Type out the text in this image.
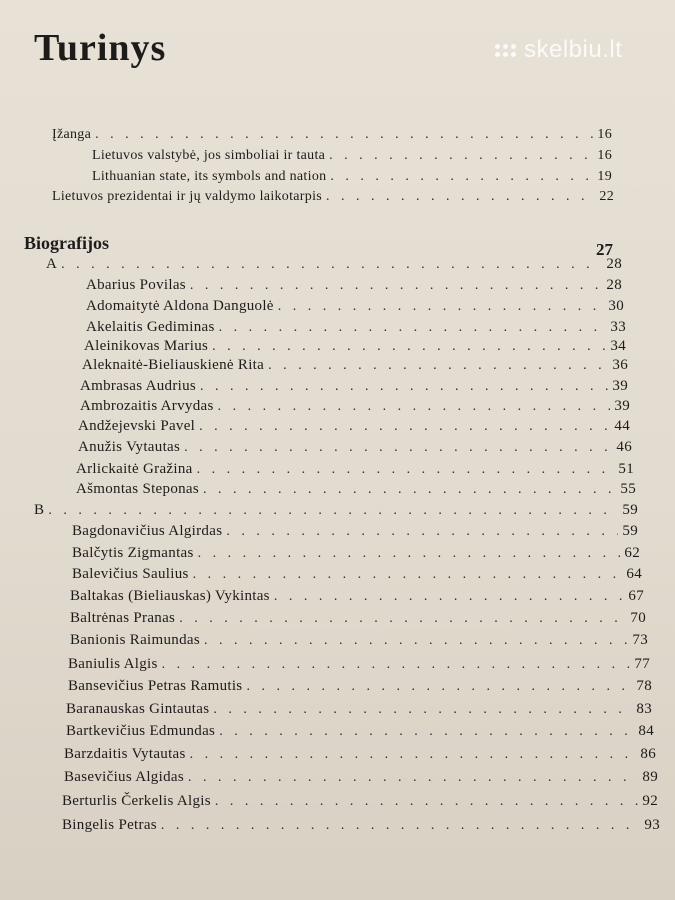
Turinys	skelbiu.lt
Įžanga . . .	16
Lietuvos valstybė, jos simboliai ir tauta . . .	16
Lithuanian state, its symbols and nation . . .	19
Lietuvos prezidentai ir jų valdymo laikotarpis . . .	22
Biografijos	27
A . . .	28
Abarius Povilas . . .	28
Adomaitytė Aldona Danguolė . . .	30
Akelaitis Gediminas . . .	33
Aleinikovas Marius . . .	34
Aleknaitė-Bieliauskienė Rita . . .	36
Ambrasas Audrius . . .	39
Ambrozaitis Arvydas . . .	39
Andžejevski Pavel . . .	44
Anužis Vytautas . . .	46
Arlickaitė Gražina . . .	51
Ašmontas Steponas . . .	55
B . . .	59
Bagdonavičius Algirdas . . .	59
Balčytis Zigmantas . . .	62
Balevičius Saulius . . .	64
Baltakas (Bieliauskas) Vykintas . . .	67
Baltrėnas Pranas . . .	70
Banionis Raimundas . . .	73
Baniulis Algis . . .	77
Bansevičius Petras Ramutis . . .	78
Baranauskas Gintautas . . .	83
Bartkevičius Edmundas . . .	84
Barzdaitis Vytautas . . .	86
Basevičius Algidas . . .	89
Berturlis Čerkelis Algis . . .	92
Bingelis Petras . . .	93
